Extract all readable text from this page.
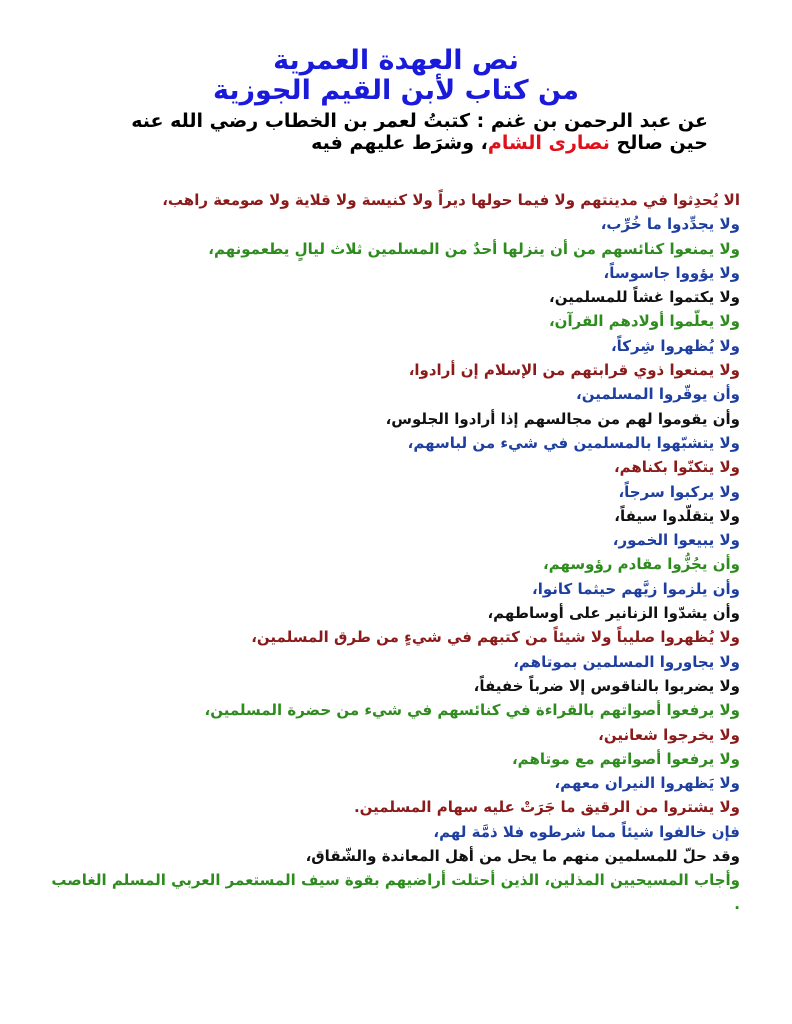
نص العهدة العمرية
من كتاب لأبن القيم الجوزية
عن عبد الرحمن بن غنم : كتبتُ لعمر بن الخطاب رضي الله عنه
حين صالح نصارى الشام، وشرَط عليهم فيه
الا يُحدِثوا في مدينتهم ولا فيما حولها ديراً ولا كنيسة ولا قلاية ولا صومعة راهب،
ولا يجدِّدوا ما خُرِّب،
ولا يمنعوا كنائسهم من أن ينزلها أحدٌ من المسلمين ثلاث ليالٍ يطعمونهم،
ولا يؤووا جاسوساً،
ولا يكتموا غشاً للمسلمين،
ولا يعلّموا أولادهم القرآن،
ولا يُظهروا شِركاً،
ولا يمنعوا ذوي قرابتهم من الإسلام إن أرادوا،
وأن يوقّروا المسلمين،
وأن يقوموا لهم من مجالسهم إذا أرادوا الجلوس،
ولا يتشبّهوا بالمسلمين في شيء من لباسهم،
ولا يتكنّوا بكناهم،
ولا يركبوا سرجاً،
ولا يتقلّدوا سيفاً،
ولا يبيعوا الخمور،
وأن يجُزُّوا مقادم رؤوسهم،
وأن يلزموا زيَّهم حيثما كانوا،
وأن يشدّوا الزنانير على أوساطهم،
ولا يُظهروا صليباً ولا شيئاً من كتبهم في شيءٍ من طرق المسلمين،
ولا يجاوروا المسلمين بموتاهم،
ولا يضربوا بالناقوس إلا ضرباً خفيفاً،
ولا يرفعوا أصواتهم بالقراءة في كنائسهم في شيء من حضرة المسلمين،
ولا يخرجوا شعانين،
ولا يرفعوا أصواتهم مع موتاهم،
ولا يَظهروا النيران معهم،
ولا يشتروا من الرقيق ما جَرَتْ عليه سهام المسلمين.
فإن خالفوا شيئاً مما شرطوه فلا ذمَّة لهم،
وقد حلّ للمسلمين منهم ما يحل من أهل المعاندة والشّقاق،
وأجاب المسيحيين المذلين، الذين أحتلت أراضيهم بقوة سيف المستعمر العربي المسلم الغاصب .
